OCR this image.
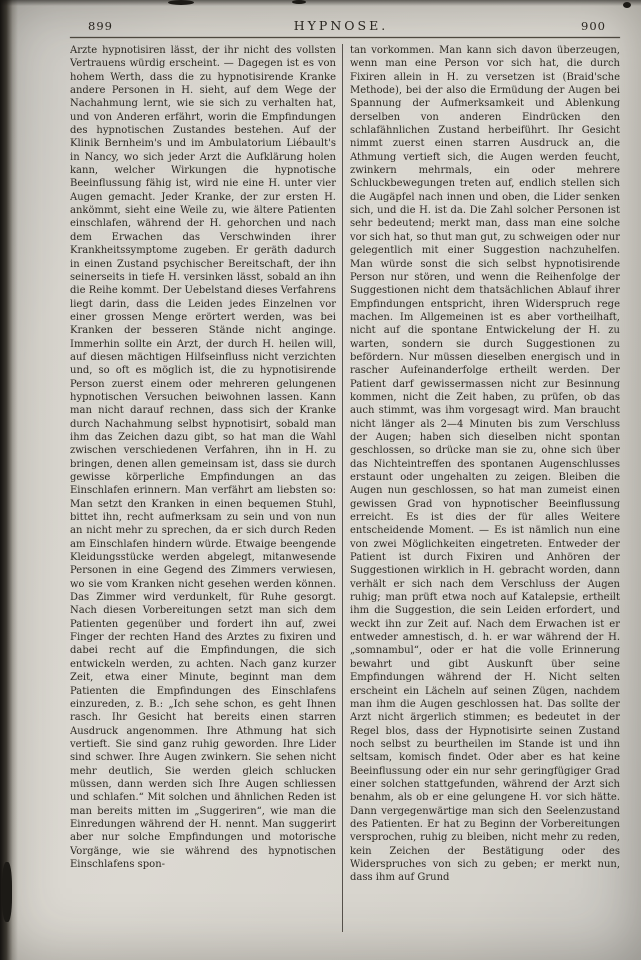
899	HYPNOSE.	900
Arzte hypnotisiren lässt, der ihr nicht des vollsten Vertrauens würdig erscheint. — Dagegen ist es von hohem Werth, dass die zu hypnotisirende Kranke andere Personen in H. sieht, auf dem Wege der Nachahmung lernt, wie sie sich zu verhalten hat, und von Anderen erfährt, worin die Empfindungen des hypnotischen Zustandes bestehen. Auf der Klinik Bernheim's und im Ambulatorium Liébault's in Nancy, wo sich jeder Arzt die Aufklärung holen kann, welcher Wirkungen die hypnotische Beeinflussung fähig ist, wird nie eine H. unter vier Augen gemacht. Jeder Kranke, der zur ersten H. ankömmt, sieht eine Weile zu, wie ältere Patienten einschlafen, während der H. gehorchen und nach dem Erwachen das Verschwinden ihrer Krankheitssymptome zugeben. Er geräth dadurch in einen Zustand psychischer Bereitschaft, der ihn seinerseits in tiefe H. versinken lässt, sobald an ihn die Reihe kommt. Der Uebelstand dieses Verfahrens liegt darin, dass die Leiden jedes Einzelnen vor einer grossen Menge erörtert werden, was bei Kranken der besseren Stände nicht anginge. Immerhin sollte ein Arzt, der durch H. heilen will, auf diesen mächtigen Hilfseinfluss nicht verzichten und, so oft es möglich ist, die zu hypnotisirende Person zuerst einem oder mehreren gelungenen hypnotischen Versuchen beiwohnen lassen. Kann man nicht darauf rechnen, dass sich der Kranke durch Nachahmung selbst hypnotisirt, sobald man ihm das Zeichen dazu gibt, so hat man die Wahl zwischen verschiedenen Verfahren, ihn in H. zu bringen, denen allen gemeinsam ist, dass sie durch gewisse körperliche Empfindungen an das Einschlafen erinnern. Man verfährt am liebsten so: Man setzt den Kranken in einen bequemen Stuhl, bittet ihn, recht aufmerksam zu sein und von nun an nicht mehr zu sprechen, da er sich durch Reden am Einschlafen hindern würde. Etwaige beengende Kleidungsstücke werden abgelegt, mitanwesende Personen in eine Gegend des Zimmers verwiesen, wo sie vom Kranken nicht gesehen werden können. Das Zimmer wird verdunkelt, für Ruhe gesorgt. Nach diesen Vorbereitungen setzt man sich dem Patienten gegenüber und fordert ihn auf, zwei Finger der rechten Hand des Arztes zu fixiren und dabei recht auf die Empfindungen, die sich entwickeln werden, zu achten. Nach ganz kurzer Zeit, etwa einer Minute, beginnt man dem Patienten die Empfindungen des Einschlafens einzureden, z. B.: „Ich sehe schon, es geht Ihnen rasch. Ihr Gesicht hat bereits einen starren Ausdruck angenommen. Ihre Athmung hat sich vertieft. Sie sind ganz ruhig geworden. Ihre Lider sind schwer. Ihre Augen zwinkern. Sie sehen nicht mehr deutlich, Sie werden gleich schlucken müssen, dann werden sich Ihre Augen schliessen und schlafen.“ Mit solchen und ähnlichen Reden ist man bereits mitten im „Suggeriren“, wie man die Einredungen während der H. nennt. Man suggerirt aber nur solche Empfindungen und motorische Vorgänge, wie sie während des hypnotischen Einschlafens spon-
tan vorkommen. Man kann sich davon überzeugen, wenn man eine Person vor sich hat, die durch Fixiren allein in H. zu versetzen ist (Braid'sche Methode), bei der also die Ermüdung der Augen bei Spannung der Aufmerksamkeit und Ablenkung derselben von anderen Eindrücken den schlafähnlichen Zustand herbeiführt. Ihr Gesicht nimmt zuerst einen starren Ausdruck an, die Athmung vertieft sich, die Augen werden feucht, zwinkern mehrmals, ein oder mehrere Schluckbewegungen treten auf, endlich stellen sich die Augäpfel nach innen und oben, die Lider senken sich, und die H. ist da. Die Zahl solcher Personen ist sehr bedeutend; merkt man, dass man eine solche vor sich hat, so thut man gut, zu schweigen oder nur gelegentlich mit einer Suggestion nachzuhelfen. Man würde sonst die sich selbst hypnotisirende Person nur stören, und wenn die Reihenfolge der Suggestionen nicht dem thatsächlichen Ablauf ihrer Empfindungen entspricht, ihren Widerspruch rege machen. Im Allgemeinen ist es aber vortheilhaft, nicht auf die spontane Entwickelung der H. zu warten, sondern sie durch Suggestionen zu befördern. Nur müssen dieselben energisch und in rascher Aufeinanderfolge ertheilt werden. Der Patient darf gewissermassen nicht zur Besinnung kommen, nicht die Zeit haben, zu prüfen, ob das auch stimmt, was ihm vorgesagt wird. Man braucht nicht länger als 2—4 Minuten bis zum Verschluss der Augen; haben sich dieselben nicht spontan geschlossen, so drücke man sie zu, ohne sich über das Nichteintreffen des spontanen Augenschlusses erstaunt oder ungehalten zu zeigen. Bleiben die Augen nun geschlossen, so hat man zumeist einen gewissen Grad von hypnotischer Beeinflussung erreicht. Es ist dies der für alles Weitere entscheidende Moment. — Es ist nämlich nun eine von zwei Möglichkeiten eingetreten. Entweder der Patient ist durch Fixiren und Anhören der Suggestionen wirklich in H. gebracht worden, dann verhält er sich nach dem Verschluss der Augen ruhig; man prüft etwa noch auf Katalepsie, ertheilt ihm die Suggestion, die sein Leiden erfordert, und weckt ihn zur Zeit auf. Nach dem Erwachen ist er entweder amnestisch, d. h. er war während der H. „somnambul“, oder er hat die volle Erinnerung bewahrt und gibt Auskunft über seine Empfindungen während der H. Nicht selten erscheint ein Lächeln auf seinen Zügen, nachdem man ihm die Augen geschlossen hat. Das sollte der Arzt nicht ärgerlich stimmen; es bedeutet in der Regel blos, dass der Hypnotisirte seinen Zustand noch selbst zu beurtheilen im Stande ist und ihn seltsam, komisch findet. Oder aber es hat keine Beeinflussung oder ein nur sehr geringfügiger Grad einer solchen stattgefunden, während der Arzt sich benahm, als ob er eine gelungene H. vor sich hätte. Dann vergegenwärtige man sich den Seelenzustand des Patienten. Er hat zu Beginn der Vorbereitungen versprochen, ruhig zu bleiben, nicht mehr zu reden, kein Zeichen der Bestätigung oder des Widerspruches von sich zu geben; er merkt nun, dass ihm auf Grund
